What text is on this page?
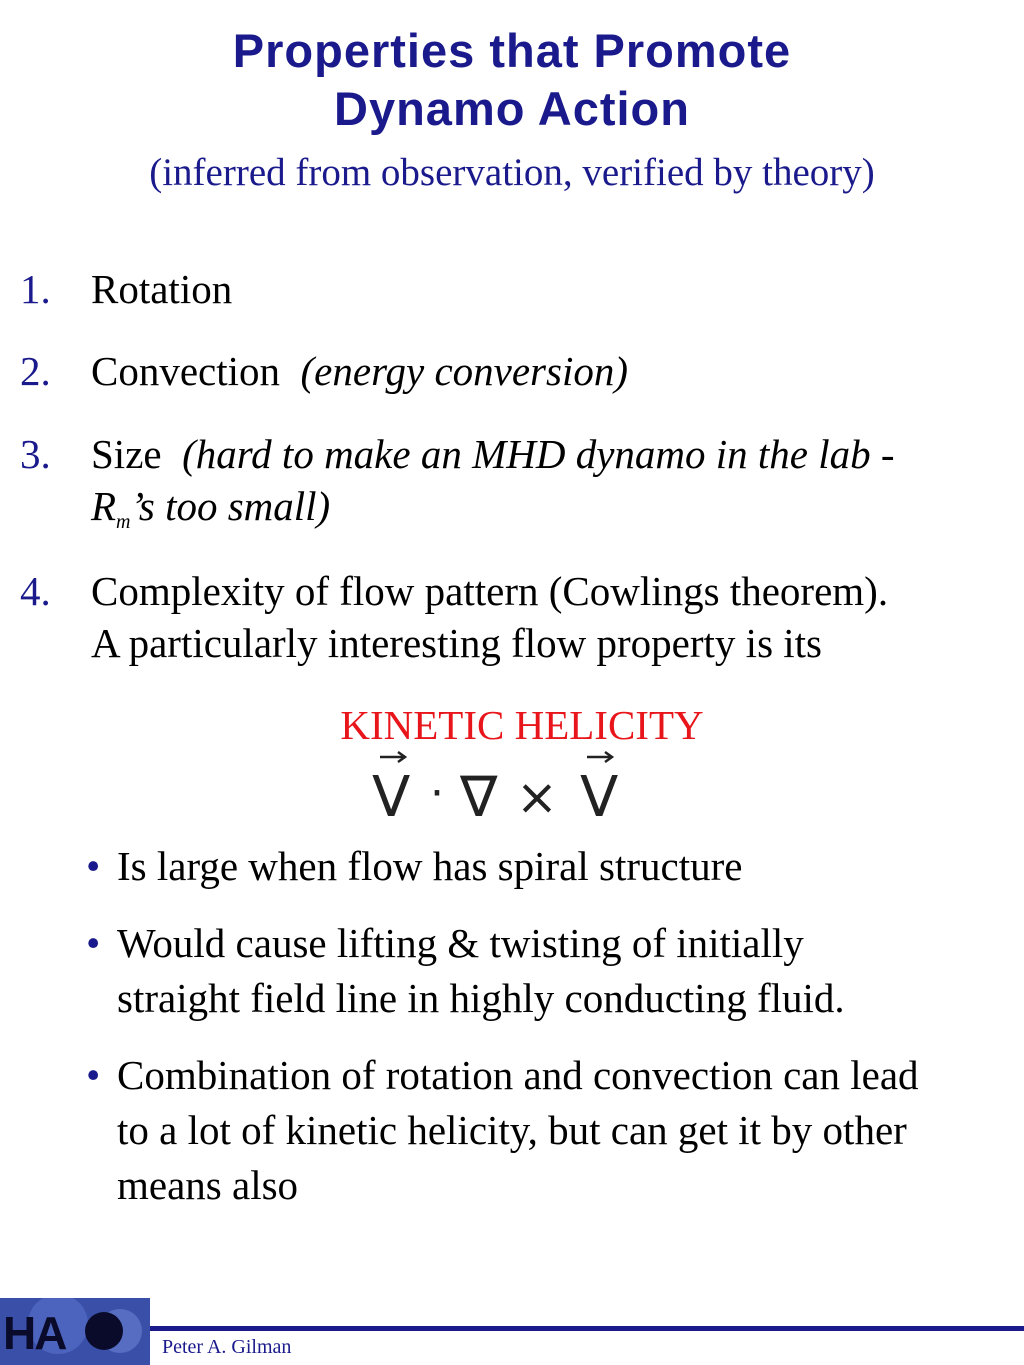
Properties that Promote
Dynamo Action
(inferred from observation, verified by theory)
1. Rotation
2. Convection (energy conversion)
3. Size (hard to make an MHD dynamo in the lab -
$R_m’s$ too small)
4. Complexity of flow pattern (Cowlings theorem).
A particularly interesting flow property is its
KINETIC HELICITY
V · ∇ × V
• Is large when flow has spiral structure
• Would cause lifting & twisting of initially
straight field line in highly conducting fluid.
• Combination of rotation and convection can lead
to a lot of kinetic helicity, but can get it by other
means also
HA	Peter A. Gilman
